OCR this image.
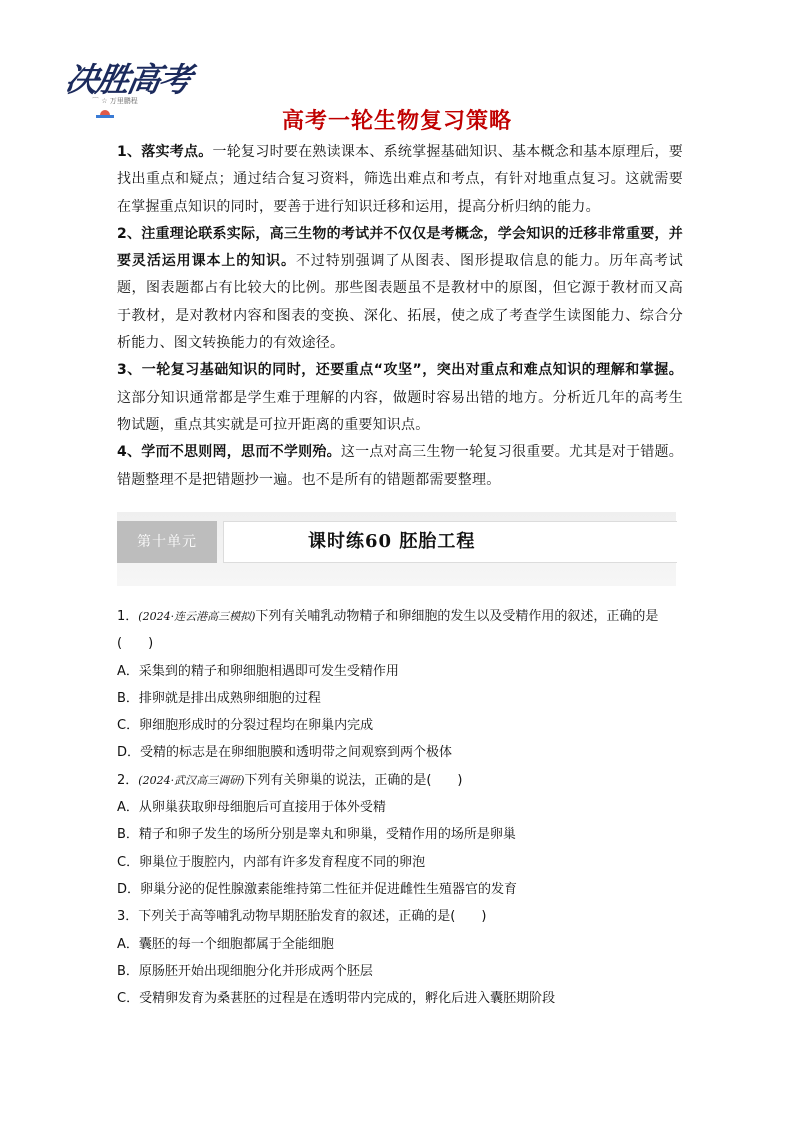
决胜高考
⌒ ☆ 万里鹏程
高考一轮生物复习策略

1、落实考点。一轮复习时要在熟读课本、系统掌握基础知识、基本概念和基本原理后，要找出重点和疑点；通过结合复习资料，筛选出难点和考点，有针对地重点复习。这就需要在掌握重点知识的同时，要善于进行知识迁移和运用，提高分析归纳的能力。

2、注重理论联系实际，高三生物的考试并不仅仅是考概念，学会知识的迁移非常重要，并要灵活运用课本上的知识。不过特别强调了从图表、图形提取信息的能力。历年高考试题，图表题都占有比较大的比例。那些图表题虽不是教材中的原图，但它源于教材而又高于教材，是对教材内容和图表的变换、深化、拓展，使之成了考查学生读图能力、综合分析能力、图文转换能力的有效途径。

3、一轮复习基础知识的同时，还要重点“攻坚”，突出对重点和难点知识的理解和掌握。这部分知识通常都是学生难于理解的内容，做题时容易出错的地方。分析近几年的高考生物试题，重点其实就是可拉开距离的重要知识点。

4、学而不思则罔，思而不学则殆。这一点对高三生物一轮复习很重要。尤其是对于错题。错题整理不是把错题抄一遍。也不是所有的错题都需要整理。

第十单元	课时练60 胚胎工程

1．(2024·连云港高三模拟)下列有关哺乳动物精子和卵细胞的发生以及受精作用的叙述，正确的是(　　)

A．采集到的精子和卵细胞相遇即可发生受精作用

B．排卵就是排出成熟卵细胞的过程

C．卵细胞形成时的分裂过程均在卵巢内完成

D．受精的标志是在卵细胞膜和透明带之间观察到两个极体

2．(2024·武汉高三调研)下列有关卵巢的说法，正确的是(　　)

A．从卵巢获取卵母细胞后可直接用于体外受精

B．精子和卵子发生的场所分别是睾丸和卵巢，受精作用的场所是卵巢

C．卵巢位于腹腔内，内部有许多发育程度不同的卵泡

D．卵巢分泌的促性腺激素能维持第二性征并促进雌性生殖器官的发育

3．下列关于高等哺乳动物早期胚胎发育的叙述，正确的是(　　)

A．囊胚的每一个细胞都属于全能细胞

B．原肠胚开始出现细胞分化并形成两个胚层

C．受精卵发育为桑葚胚的过程是在透明带内完成的，孵化后进入囊胚期阶段
